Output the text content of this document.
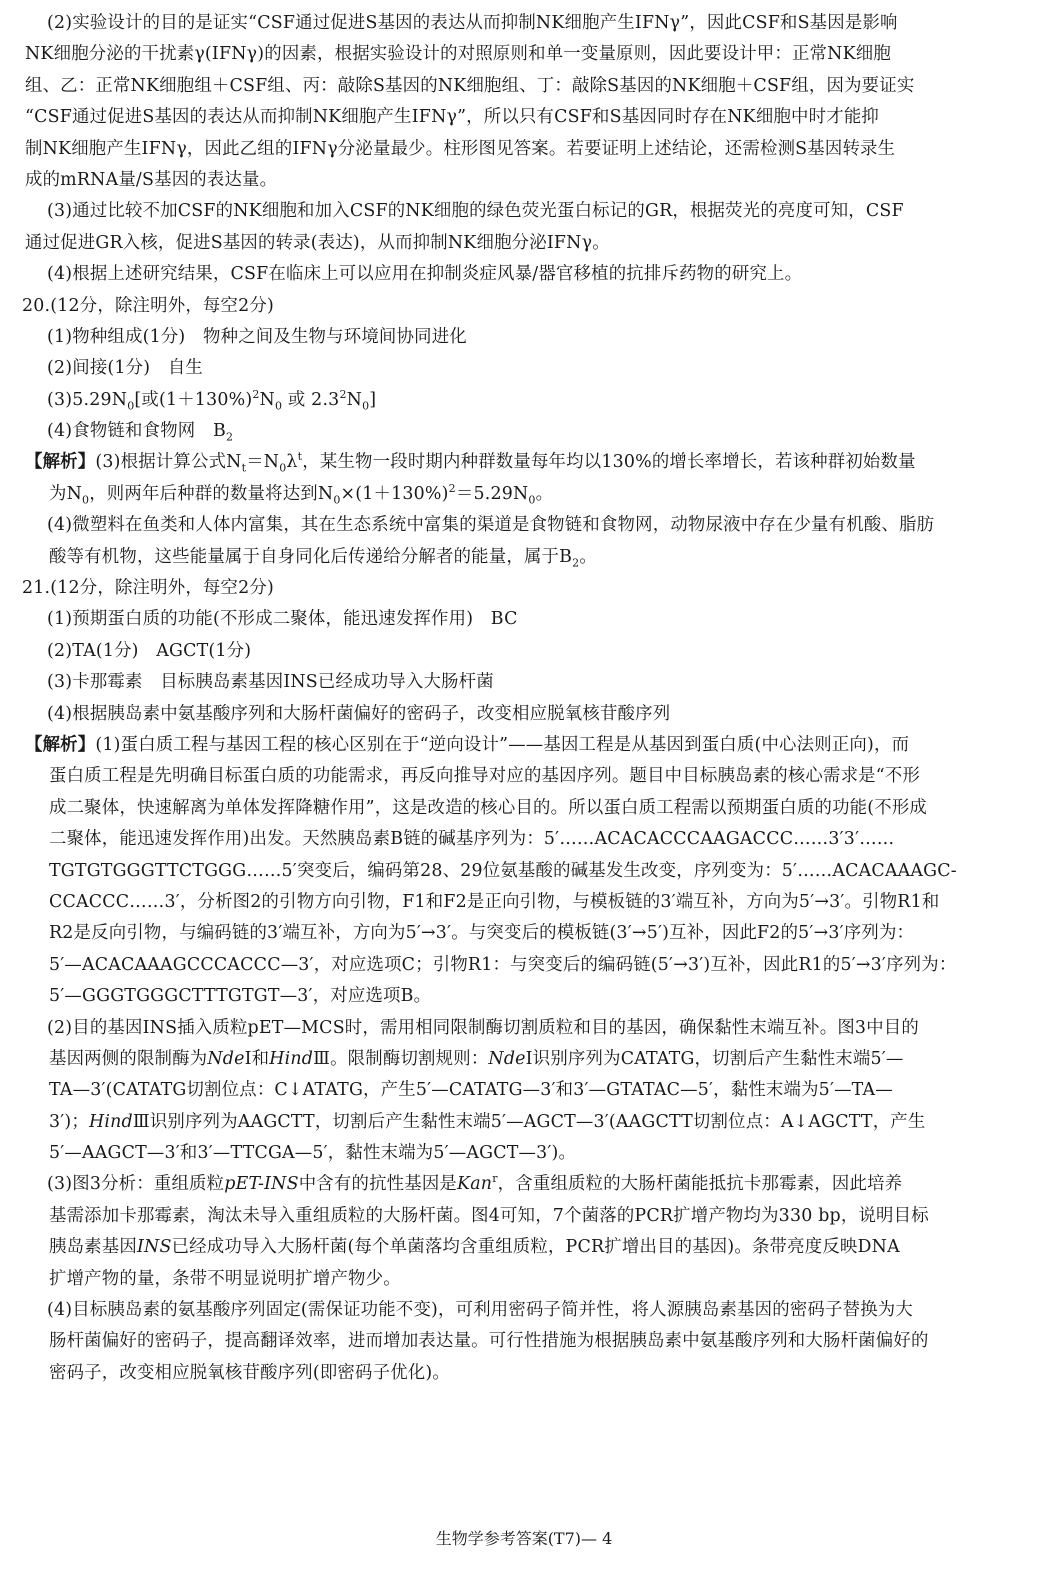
(2)实验设计的目的是证实“CSF通过促进S基因的表达从而抑制NK细胞产生IFNγ”，因此CSF和S基因是影响
NK细胞分泌的干扰素γ(IFNγ)的因素，根据实验设计的对照原则和单一变量原则，因此要设计甲：正常NK细胞
组、乙：正常NK细胞组＋CSF组、丙：敲除S基因的NK细胞组、丁：敲除S基因的NK细胞＋CSF组，因为要证实
“CSF通过促进S基因的表达从而抑制NK细胞产生IFNγ”，所以只有CSF和S基因同时存在NK细胞中时才能抑
制NK细胞产生IFNγ，因此乙组的IFNγ分泌量最少。柱形图见答案。若要证明上述结论，还需检测S基因转录生
成的mRNA量/S基因的表达量。
(3)通过比较不加CSF的NK细胞和加入CSF的NK细胞的绿色荧光蛋白标记的GR，根据荧光的亮度可知，CSF
通过促进GR入核，促进S基因的转录(表达)，从而抑制NK细胞分泌IFNγ。
(4)根据上述研究结果，CSF在临床上可以应用在抑制炎症风暴/器官移植的抗排斥药物的研究上。
20.(12分，除注明外，每空2分)
(1)物种组成(1分)　物种之间及生物与环境间协同进化
(2)间接(1分)　自生
$(3)5.29N_0$[或$(1+130\%)^2N_0$ 或 $2.3^2N_0$]
(4)食物链和食物网　$B_2$
【解析】(3)根据计算公式$N_t=N_0\lambda^t$，某生物一段时期内种群数量每年均以130%的增长率增长，若该种群初始数量
为$N_0$，则两年后种群的数量将达到$N_0\times(1+130\%)^2=5.29N_0$。
(4)微塑料在鱼类和人体内富集，其在生态系统中富集的渠道是食物链和食物网，动物尿液中存在少量有机酸、脂肪
酸等有机物，这些能量属于自身同化后传递给分解者的能量，属于$B_2$。
21.(12分，除注明外，每空2分)
(1)预期蛋白质的功能(不形成二聚体，能迅速发挥作用)　BC
(2)TA(1分)　AGCT(1分)
(3)卡那霉素　目标胰岛素基因INS已经成功导入大肠杆菌
(4)根据胰岛素中氨基酸序列和大肠杆菌偏好的密码子，改变相应脱氧核苷酸序列
【解析】(1)蛋白质工程与基因工程的核心区别在于“逆向设计”——基因工程是从基因到蛋白质(中心法则正向)，而
蛋白质工程是先明确目标蛋白质的功能需求，再反向推导对应的基因序列。题目中目标胰岛素的核心需求是“不形
成二聚体，快速解离为单体发挥降糖作用”，这是改造的核心目的。所以蛋白质工程需以预期蛋白质的功能(不形成
二聚体，能迅速发挥作用)出发。天然胰岛素B链的碱基序列为：5′……ACACACCCAAGACCC……3′3′……
TGTGTGGGTTCTGGG……5′突变后，编码第28、29位氨基酸的碱基发生改变，序列变为：5′……ACACAAAGC-
CCACCC……3′，分析图2的引物方向引物，F1和F2是正向引物，与模板链的3′端互补，方向为5′→3′。引物R1和
R2是反向引物，与编码链的3′端互补，方向为5′→3′。与突变后的模板链(3′→5′)互补，因此F2的5′→3′序列为：
5′—ACACAAAGCCCACCC—3′，对应选项C；引物R1：与突变后的编码链(5′→3′)互补，因此R1的5′→3′序列为：
5′—GGGTGGGCTTTGTGT—3′，对应选项B。
(2)目的基因INS插入质粒pET—MCS时，需用相同限制酶切割质粒和目的基因，确保黏性末端互补。图3中目的
基因两侧的限制酶为NdeⅠ和HindⅢ。限制酶切割规则：NdeⅠ识别序列为CATATG，切割后产生黏性末端5′—
TA—3′(CATATG切割位点：C↓ATATG，产生5′—CATATG—3′和3′—GTATAC—5′，黏性末端为5′—TA—
3′)；HindⅢ识别序列为AAGCTT，切割后产生黏性末端5′—AGCT—3′(AAGCTT切割位点：A↓AGCTT，产生
5′—AAGCT—3′和3′—TTCGA—5′，黏性末端为5′—AGCT—3′)。
(3)图3分析：重组质粒pET-INS中含有的抗性基因是Kan$^r$，含重组质粒的大肠杆菌能抵抗卡那霉素，因此培养
基需添加卡那霉素，淘汰未导入重组质粒的大肠杆菌。图4可知，7个菌落的PCR扩增产物均为330 bp，说明目标
胰岛素基因INS已经成功导入大肠杆菌(每个单菌落均含重组质粒，PCR扩增出目的基因)。条带亮度反映DNA
扩增产物的量，条带不明显说明扩增产物少。
(4)目标胰岛素的氨基酸序列固定(需保证功能不变)，可利用密码子简并性，将人源胰岛素基因的密码子替换为大
肠杆菌偏好的密码子，提高翻译效率，进而增加表达量。可行性措施为根据胰岛素中氨基酸序列和大肠杆菌偏好的
密码子，改变相应脱氧核苷酸序列(即密码子优化)。
生物学参考答案(T7)— 4
